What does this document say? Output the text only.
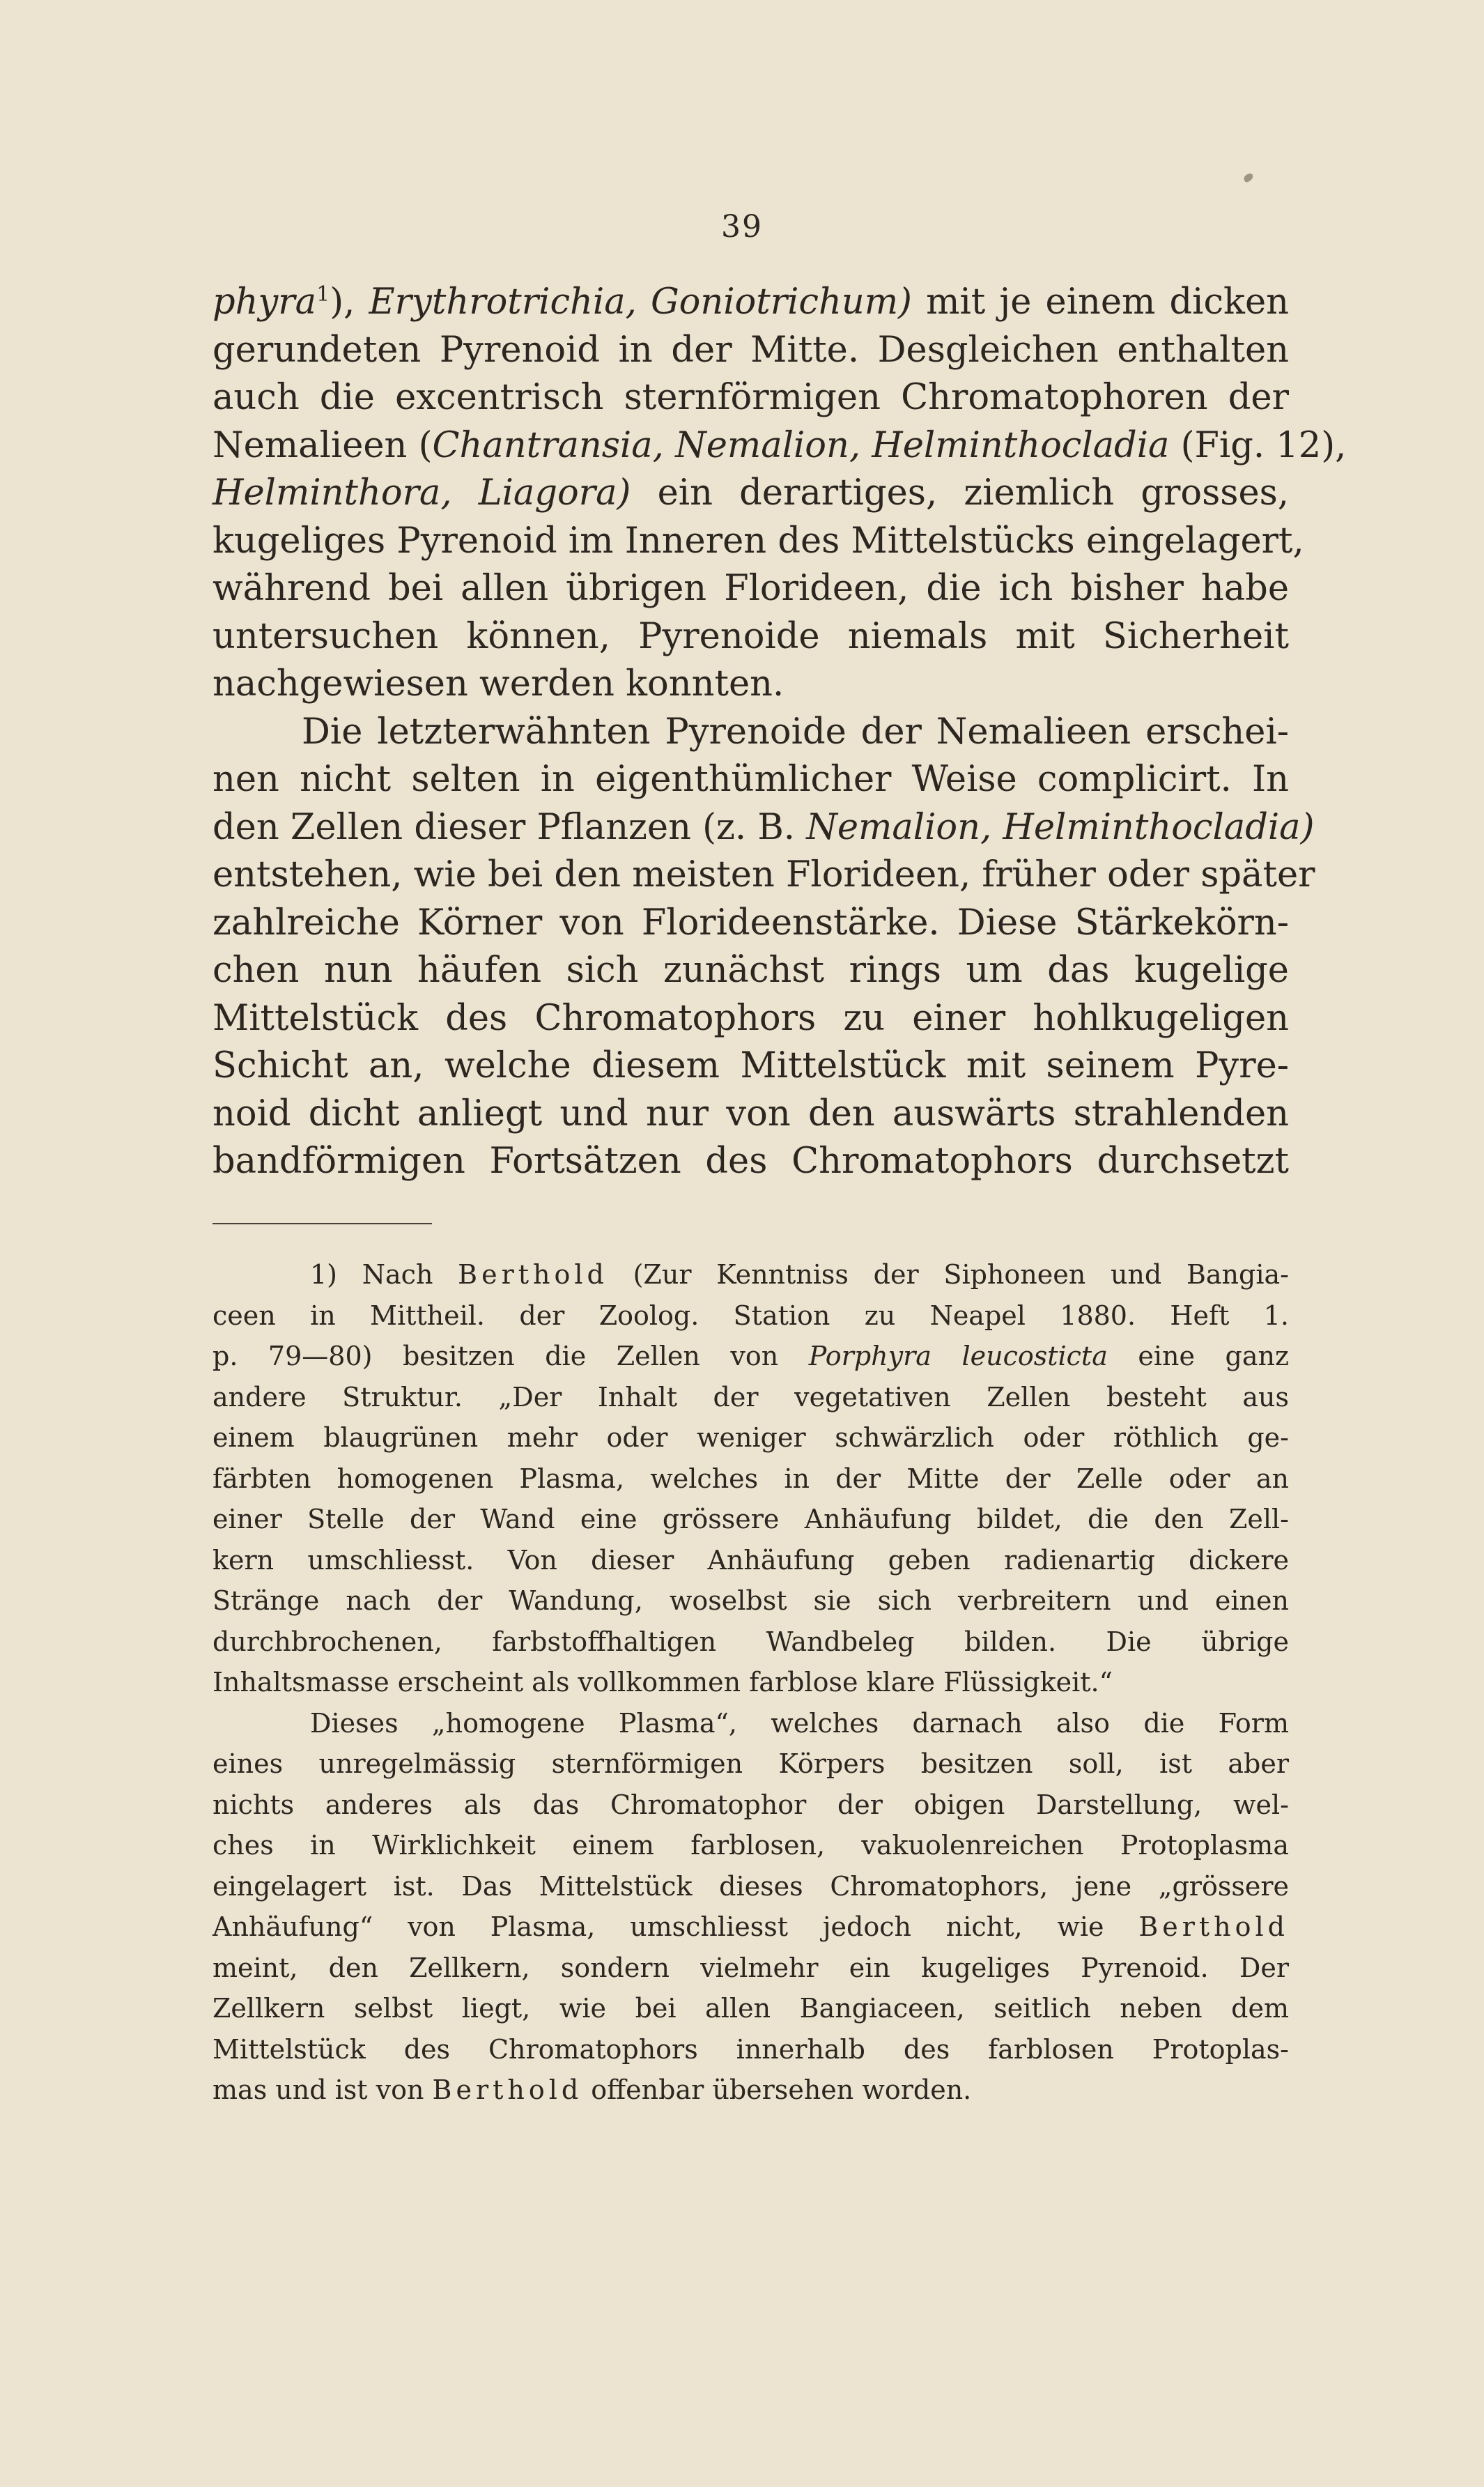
39
phyra$^1$), Erythrotrichia, Goniotrichum) mit je einem dicken
gerundeten Pyrenoid in der Mitte. Desgleichen enthalten
auch die excentrisch sternförmigen Chromatophoren der
Nemalieen (Chantransia, Nemalion, Helminthocladia (Fig. 12),
Helminthora, Liagora) ein derartiges, ziemlich grosses,
kugeliges Pyrenoid im Inneren des Mittelstücks eingelagert,
während bei allen übrigen Florideen, die ich bisher habe
untersuchen können, Pyrenoide niemals mit Sicherheit
nachgewiesen werden konnten.
Die letzterwähnten Pyrenoide der Nemalieen erschei-
nen nicht selten in eigenthümlicher Weise complicirt. In
den Zellen dieser Pflanzen (z. B. Nemalion, Helminthocladia)
entstehen, wie bei den meisten Florideen, früher oder später
zahlreiche Körner von Florideenstärke. Diese Stärkekörn-
chen nun häufen sich zunächst rings um das kugelige
Mittelstück des Chromatophors zu einer hohlkugeligen
Schicht an, welche diesem Mittelstück mit seinem Pyre-
noid dicht anliegt und nur von den auswärts strahlenden
bandförmigen Fortsätzen des Chromatophors durchsetzt
1) Nach Berthold (Zur Kenntniss der Siphoneen und Bangia-
ceen in Mittheil. der Zoolog. Station zu Neapel 1880. Heft 1.
p. 79—80) besitzen die Zellen von Porphyra leucosticta eine ganz
andere Struktur. „Der Inhalt der vegetativen Zellen besteht aus
einem blaugrünen mehr oder weniger schwärzlich oder röthlich ge-
färbten homogenen Plasma, welches in der Mitte der Zelle oder an
einer Stelle der Wand eine grössere Anhäufung bildet, die den Zell-
kern umschliesst. Von dieser Anhäufung geben radienartig dickere
Stränge nach der Wandung, woselbst sie sich verbreitern und einen
durchbrochenen, farbstoffhaltigen Wandbeleg bilden. Die übrige
Inhaltsmasse erscheint als vollkommen farblose klare Flüssigkeit.“
Dieses „homogene Plasma“, welches darnach also die Form
eines unregelmässig sternförmigen Körpers besitzen soll, ist aber
nichts anderes als das Chromatophor der obigen Darstellung, wel-
ches in Wirklichkeit einem farblosen, vakuolenreichen Protoplasma
eingelagert ist. Das Mittelstück dieses Chromatophors, jene „grössere
Anhäufung“ von Plasma, umschliesst jedoch nicht, wie Berthold
meint, den Zellkern, sondern vielmehr ein kugeliges Pyrenoid. Der
Zellkern selbst liegt, wie bei allen Bangiaceen, seitlich neben dem
Mittelstück des Chromatophors innerhalb des farblosen Protoplas-
mas und ist von Berthold offenbar übersehen worden.
